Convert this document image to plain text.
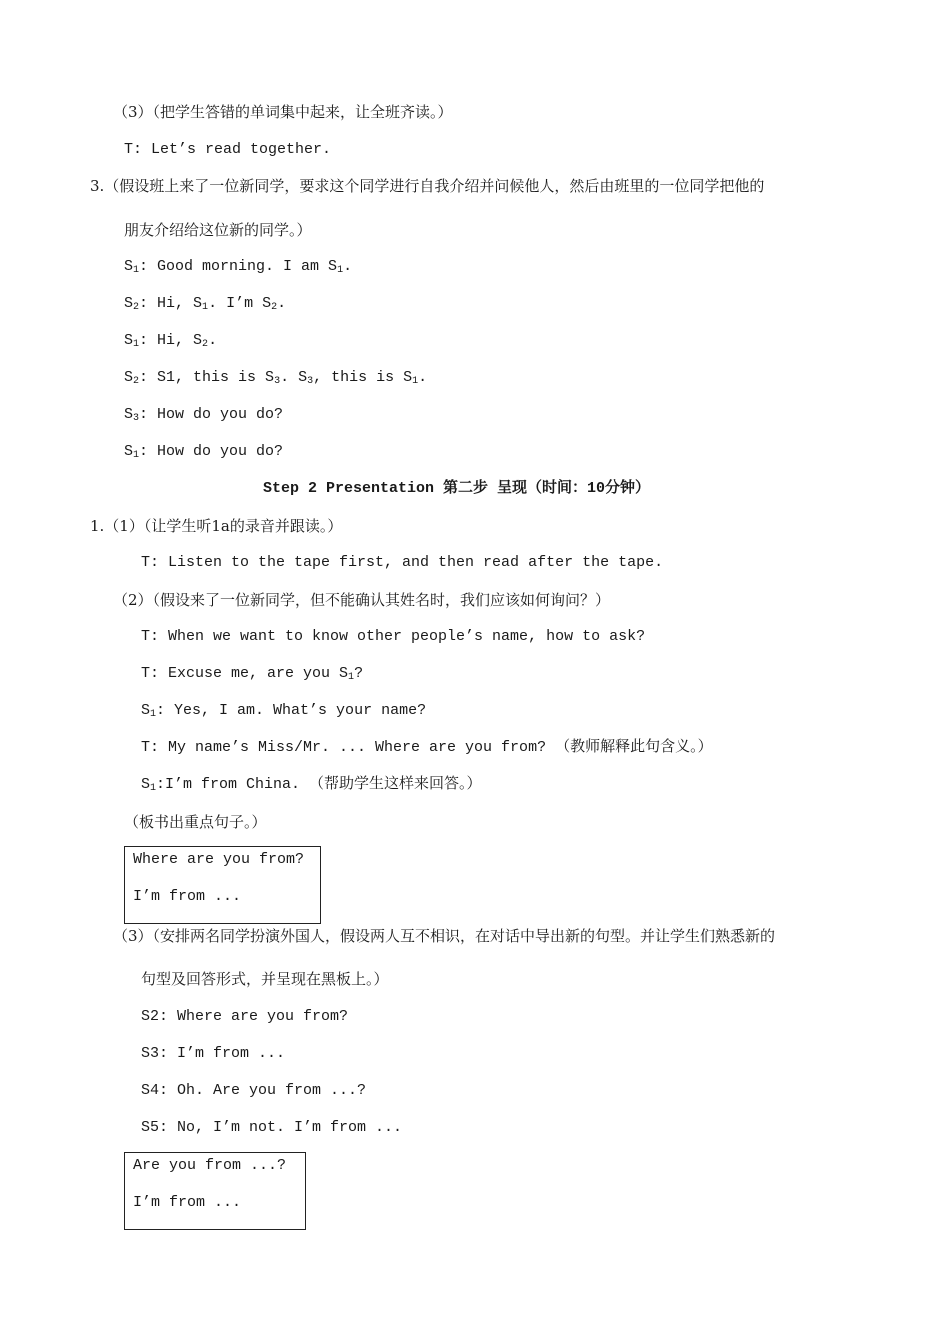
（3）（把学生答错的单词集中起来，让全班齐读。）
T: Let’s read together.
3.（假设班上来了一位新同学，要求这个同学进行自我介绍并问候他人，然后由班里的一位同学把他的
朋友介绍给这位新的同学。）
$S_1$: Good morning. I am $S_1$.
$S_2$: Hi, $S_1$. I’m $S_2$.
$S_1$: Hi, $S_2$.
$S_2$: S1, this is $S_3$. $S_3$, this is $S_1$.
$S_3$: How do you do?
$S_1$: How do you do?
Step 2 Presentation 第二步 呈现（时间：10分钟）
1.（1）（让学生听1a的录音并跟读。）
T: Listen to the tape first, and then read after the tape.
（2）（假设来了一位新同学，但不能确认其姓名时，我们应该如何询问？）
T: When we want to know other people’s name, how to ask?
T: Excuse me, are you $S_1$?
$S_1$: Yes, I am. What’s your name?
T: My name’s Miss/Mr. ... Where are you from? （教师解释此句含义。）
$S_1:I’m$ from China. （帮助学生这样来回答。）
（板书出重点句子。）
Where are you from?
I’m from ...
（3）（安排两名同学扮演外国人，假设两人互不相识，在对话中导出新的句型。并让学生们熟悉新的
句型及回答形式，并呈现在黑板上。）
S2: Where are you from?
S3: I’m from ...
S4: Oh. Are you from ...?
S5: No, I’m not. I’m from ...
Are you from ...?
I’m from ...
